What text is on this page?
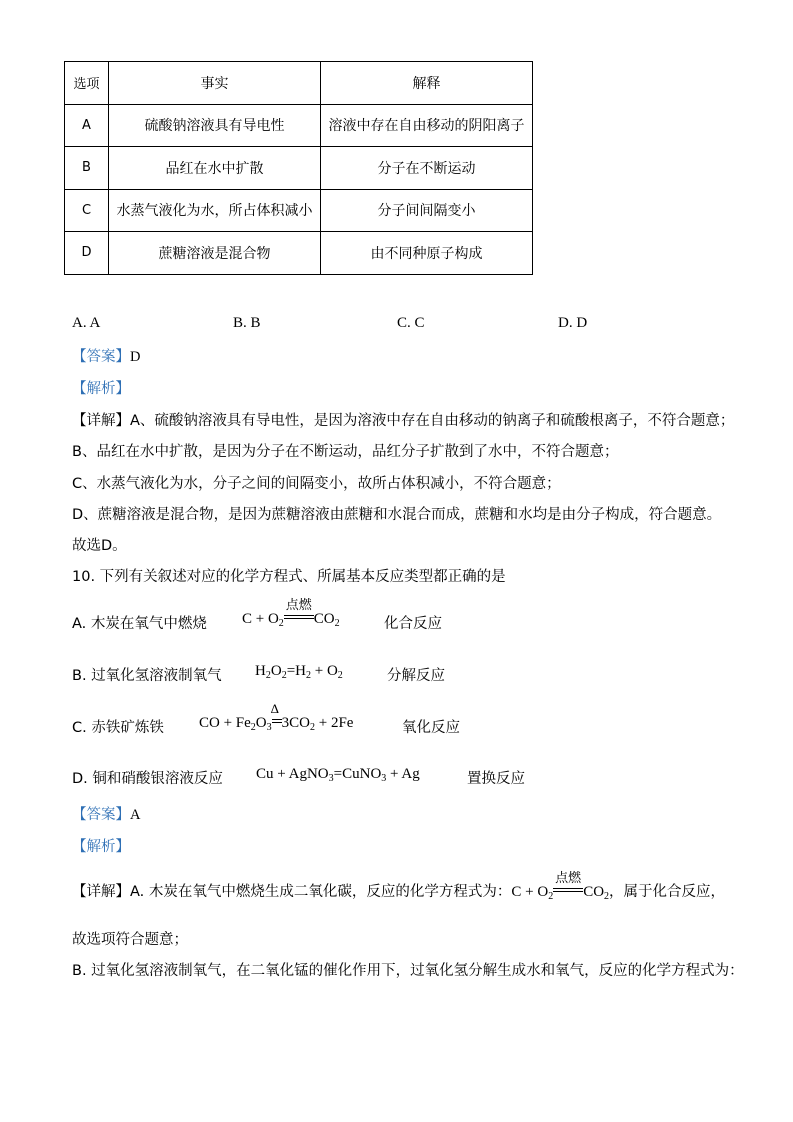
选项	事实	解释
A	硫酸钠溶液具有导电性	溶液中存在自由移动的阴阳离子
B	品红在水中扩散	分子在不断运动
C	水蒸气液化为水，所占体积减小	分子间间隔变小
D	蔗糖溶液是混合物	由不同种原子构成
A. A	B. B	C. C	D. D
【答案】D
【解析】
【详解】A、硫酸钠溶液具有导电性，是因为溶液中存在自由移动的钠离子和硫酸根离子，不符合题意；
B、品红在水中扩散，是因为分子在不断运动，品红分子扩散到了水中，不符合题意；
C、水蒸气液化为水，分子之间的间隔变小，故所占体积减小，不符合题意；
D、蔗糖溶液是混合物，是因为蔗糖溶液由蔗糖和水混合而成，蔗糖和水均是由分子构成，符合题意。
故选D。
10. 下列有关叙述对应的化学方程式、所属基本反应类型都正确的是
A. 木炭在氧气中燃烧 $C + O_2$
点燃
$CO_2$	化合反应
B. 过氧化氢溶液制氧气 $H_2O_2=H_2 + O_2$	分解反应
C. 赤铁矿炼铁 CO + $Fe_2O_3$
Δ
$3CO_2 + 2Fe$	氧化反应
D. 铜和硝酸银溶液反应 Cu + AgNO$_3$=CuNO$_3$ + Ag	置换反应
【答案】A
【解析】
【详解】A. 木炭在氧气中燃烧生成二氧化碳，反应的化学方程式为：$C + O_2$
点燃
$CO_2$，属于化合反应，
故选项符合题意；
B. 过氧化氢溶液制氧气，在二氧化锰的催化作用下，过氧化氢分解生成水和氧气，反应的化学方程式为：
